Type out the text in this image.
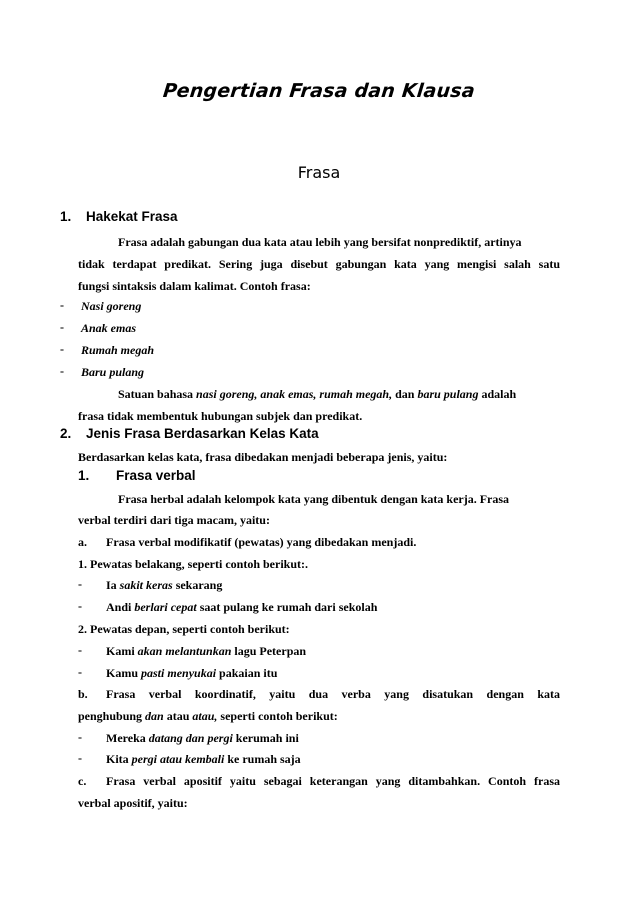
Pengertian Frasa dan Klausa
Frasa
1. Hakekat Frasa
Frasa adalah gabungan dua kata atau lebih yang bersifat nonprediktif, artinya
tidak terdapat predikat. Sering juga disebut gabungan kata yang mengisi salah satu
fungsi sintaksis dalam kalimat. Contoh frasa:
- Nasi goreng
- Anak emas
- Rumah megah
- Baru pulang
Satuan bahasa nasi goreng, anak emas, rumah megah, dan baru pulang adalah
frasa tidak membentuk hubungan subjek dan predikat.
2. Jenis Frasa Berdasarkan Kelas Kata
Berdasarkan kelas kata, frasa dibedakan menjadi beberapa jenis, yaitu:
1. Frasa verbal
Frasa herbal adalah kelompok kata yang dibentuk dengan kata kerja. Frasa
verbal terdiri dari tiga macam, yaitu:
a. Frasa verbal modifikatif (pewatas) yang dibedakan menjadi.
1. Pewatas belakang, seperti contoh berikut:.
- Ia sakit keras sekarang
- Andi berlari cepat saat pulang ke rumah dari sekolah
2. Pewatas depan, seperti contoh berikut:
- Kami akan melantunkan lagu Peterpan
- Kamu pasti menyukai pakaian itu
b. Frasa verbal koordinatif, yaitu dua verba yang disatukan dengan kata
penghubung dan atau atau, seperti contoh berikut:
- Mereka datang dan pergi kerumah ini
- Kita pergi atau kembali ke rumah saja
c. Frasa verbal apositif yaitu sebagai keterangan yang ditambahkan. Contoh frasa
verbal apositif, yaitu:
